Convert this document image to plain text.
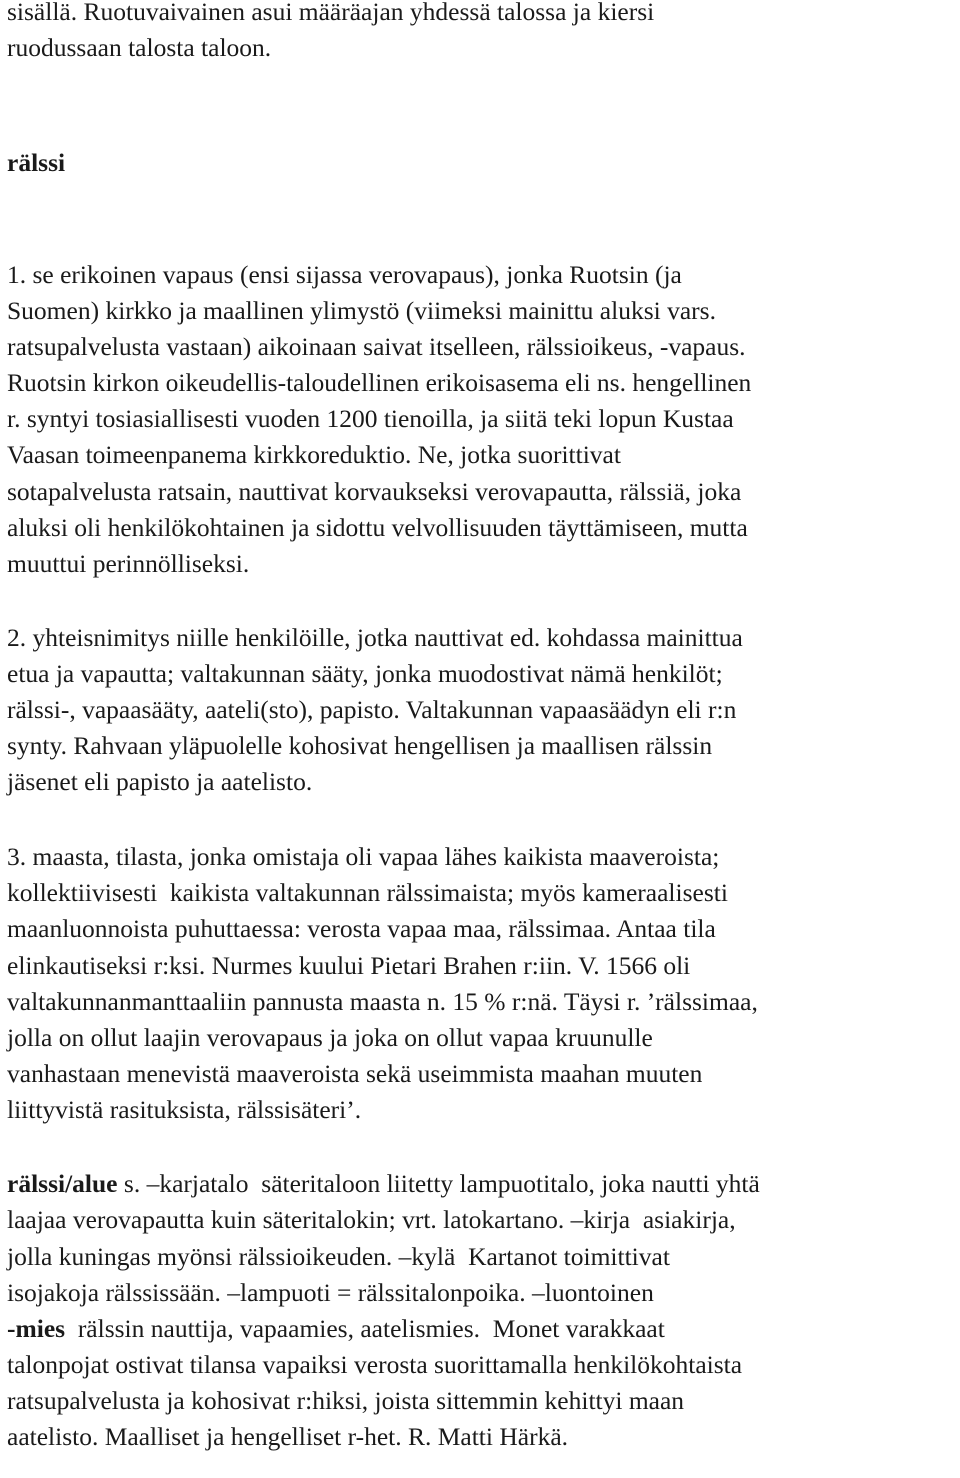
sisällä. Ruotuvaivainen asui määräajan yhdessä talossa ja kiersi
ruodussaan talosta taloon.
rälssi
1. se erikoinen vapaus (ensi sijassa verovapaus), jonka Ruotsin (ja
Suomen) kirkko ja maallinen ylimystö (viimeksi mainittu aluksi vars.
ratsupalvelusta vastaan) aikoinaan saivat itselleen, rälssioikeus, -vapaus.
Ruotsin kirkon oikeudellis-taloudellinen erikoisasema eli ns. hengellinen
r. syntyi tosiasiallisesti vuoden 1200 tienoilla, ja siitä teki lopun Kustaa
Vaasan toimeenpanema kirkkoreduktio. Ne, jotka suorittivat
sotapalvelusta ratsain, nauttivat korvaukseksi verovapautta, rälssiä, joka
aluksi oli henkilökohtainen ja sidottu velvollisuuden täyttämiseen, mutta
muuttui perinnölliseksi.
2. yhteisnimitys niille henkilöille, jotka nauttivat ed. kohdassa mainittua
etua ja vapautta; valtakunnan sääty, jonka muodostivat nämä henkilöt;
rälssi-, vapaasääty, aateli(sto), papisto. Valtakunnan vapaasäädyn eli r:n
synty. Rahvaan yläpuolelle kohosivat hengellisen ja maallisen rälssin
jäsenet eli papisto ja aatelisto.
3. maasta, tilasta, jonka omistaja oli vapaa lähes kaikista maaveroista;
kollektiivisesti  kaikista valtakunnan rälssimaista; myös kameraalisesti
maanluonnoista puhuttaessa: verosta vapaa maa, rälssimaa. Antaa tila
elinkautiseksi r:ksi. Nurmes kuului Pietari Brahen r:iin. V. 1566 oli
valtakunnanmanttaaliin pannusta maasta n. 15 % r:nä. Täysi r. ’rälssimaa,
jolla on ollut laajin verovapaus ja joka on ollut vapaa kruunulle
vanhastaan menevistä maaveroista sekä useimmista maahan muuten
liittyvistä rasituksista, rälssisäteri’.
rälssi/alue s. –karjatalo  säteritaloon liitetty lampuotitalo, joka nautti yhtä
laajaa verovapautta kuin säteritalokin; vrt. latokartano. –kirja  asiakirja,
jolla kuningas myönsi rälssioikeuden. –kylä  Kartanot toimittivat
isojakoja rälssissään. –lampuoti = rälssitalonpoika. –luontoinen
-mies  rälssin nauttija, vapaamies, aatelismies.  Monet varakkaat
talonpojat ostivat tilansa vapaiksi verosta suorittamalla henkilökohtaista
ratsupalvelusta ja kohosivat r:hiksi, joista sittemmin kehittyi maan
aatelisto. Maalliset ja hengelliset r-het. R. Matti Härkä.
